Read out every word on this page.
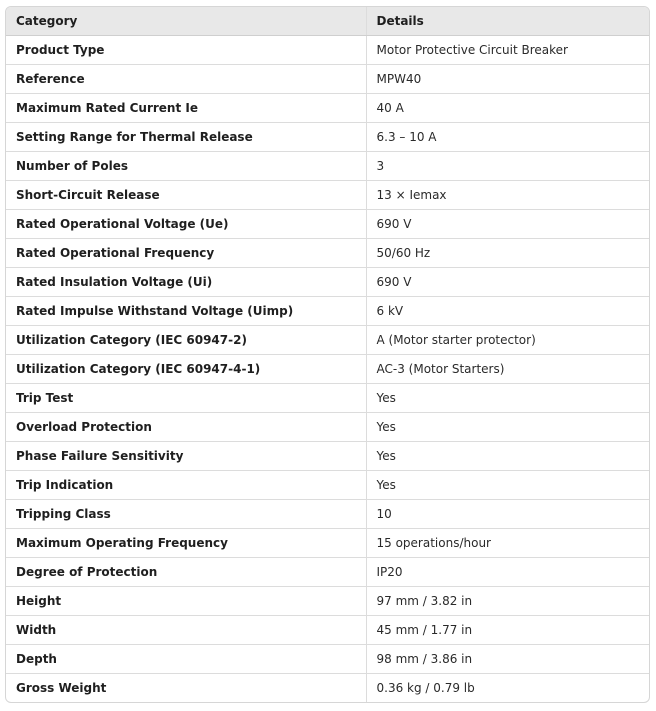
Category	Details
Product Type	Motor Protective Circuit Breaker
Reference	MPW40
Maximum Rated Current Ie	40 A
Setting Range for Thermal Release	6.3 – 10 A
Number of Poles	3
Short-Circuit Release	13 × Iemax
Rated Operational Voltage (Ue)	690 V
Rated Operational Frequency	50/60 Hz
Rated Insulation Voltage (Ui)	690 V
Rated Impulse Withstand Voltage (Uimp)	6 kV
Utilization Category (IEC 60947-2)	A (Motor starter protector)
Utilization Category (IEC 60947-4-1)	AC-3 (Motor Starters)
Trip Test	Yes
Overload Protection	Yes
Phase Failure Sensitivity	Yes
Trip Indication	Yes
Tripping Class	10
Maximum Operating Frequency	15 operations/hour
Degree of Protection	IP20
Height	97 mm / 3.82 in
Width	45 mm / 1.77 in
Depth	98 mm / 3.86 in
Gross Weight	0.36 kg / 0.79 lb
